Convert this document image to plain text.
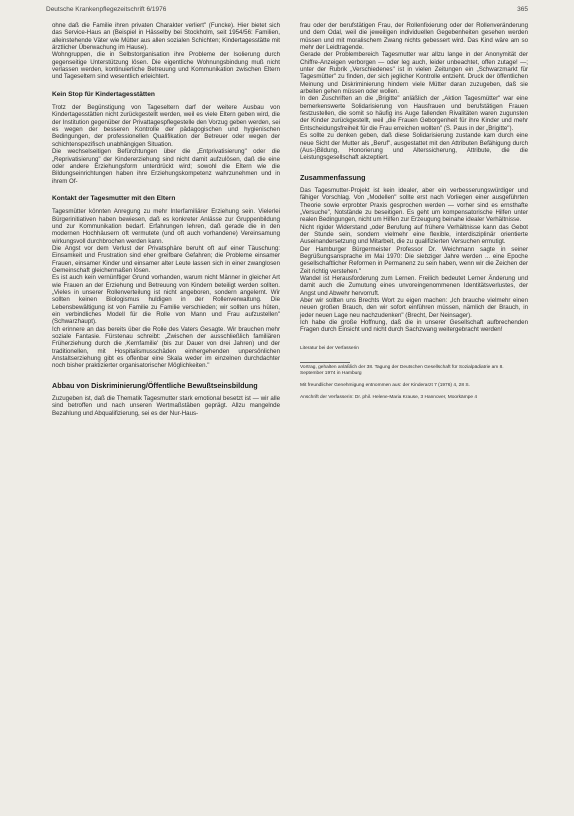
Deutsche Krankenpflegezeitschrift 6/1976	365

ohne daß die Familie ihren privaten Charakter verliert" (Funcke). Hier bietet sich das Service-Haus an (Beispiel in Hässelby bei Stockholm, seit 1954/56: Familien, alleinstehende Väter wie Mütter aus allen sozialen Schichten; Kindertagesstätte mit ärztlicher Überwachung im Hause).

Wohngruppen, die in Selbstorganisation ihre Probleme der Isolierung durch gegenseitige Unterstützung lösen. Die eigentliche Wohnungsbindung muß nicht verlassen werden, kontinuierliche Betreuung und Kommunikation zwischen Eltern und Tageseltern sind wesentlich erleichtert.

Kein Stop für Kindertagesstätten

Trotz der Begünstigung von Tageseltern darf der weitere Ausbau von Kindertagesstätten nicht zurückgestellt werden, weil es viele Eltern geben wird, die der Institution gegenüber der Privattagespflegestelle den Vorzug geben werden, sei es wegen der besseren Kontrolle der pädagogischen und hygienischen Bedingungen, der professionellen Qualifikation der Betreuer oder wegen der schichtenspezifisch unabhängigen Situation.

Die wechselseitigen Befürchtungen über die „Entprivatisierung" oder die „Reprivatisierung" der Kindererziehung sind nicht damit aufzulösen, daß die eine oder andere Erziehungsform unterdrückt wird; sowohl die Eltern wie die Bildungseinrichtungen haben ihre Erziehungskompetenz wahrzunehmen und in ihrem Of-

Kontakt der Tagesmutter mit den Eltern

Tagesmütter könnten Anregung zu mehr Interfamiliärer Erziehung sein. Vielerlei Bürgerinitiativen haben bewiesen, daß es konkreter Anlässe zur Gruppenbildung und zur Kommunikation bedarf. Erfahrungen lehren, daß gerade die in den modernen Hochhäusern oft vermutete (und oft auch vorhandene) Vereinsamung wirkungsvoll durchbrochen werden kann.

Die Angst vor dem Verlust der Privatsphäre beruht oft auf einer Täuschung: Einsamkeit und Frustration sind eher greifbare Gefahren; die Probleme einsamer Frauen, einsamer Kinder und einsamer alter Leute lassen sich in einer zwanglosen Gemeinschaft gleichermaßen lösen.

Es ist auch kein vernünftiger Grund vorhanden, warum nicht Männer in gleicher Art wie Frauen an der Erziehung und Betreuung von Kindern beteiligt werden sollten. „Vieles in unserer Rollenverteilung ist nicht angeboren, sondern angelernt. Wir sollten keinen Biologismus huldigen in der Rollenverwaltung. Die Lebensbewältigung ist von Familie zu Familie verschieden; wir sollten uns hüten, ein verbindliches Modell für die Rolle von Mann und Frau aufzustellen" (Schwarzhaupt).

Ich erinnere an das bereits über die Rolle des Vaters Gesagte. Wir brauchen mehr soziale Fantasie. Fürstenau schreibt: „Zwischen der ausschließlich familiären Früherziehung durch die ‚Kernfamilie' (bis zur Dauer von drei Jahren) und der traditionellen, mit Hospitalismusschäden einhergehenden unpersönlichen Anstaltserziehung gibt es offenbar eine Skala weder im einzelnen durchdachter noch bisher praktizierter organisatorischer Möglichkeiten."

Abbau von Diskriminierung/Öffentliche Bewußtseinsbildung

Zuzugeben ist, daß die Thematik Tagesmutter stark emotional besetzt ist — wir alle sind betroffen und nach unseren Wertmaßstäben geprägt. Allzu mangelnde Bezahlung und Abqualifizierung, sei es der Nur-Haus-

frau oder der berufstätigen Frau, der Rollenfixierung oder der Rollenveränderung und dem Odal, weil die jeweiligen individuellen Gegebenheiten gesehen werden müssen und mit moralischem Zwang nichts gebessert wird. Das Kind wäre am so mehr der Leidtragende.

Gerade der Problembereich Tagesmutter war allzu lange in der Anonymität der Chiffre-Anzeigen verborgen — oder leg auch, leider unbeachtet, offen zutage! —; unter der Rubrik „Verschiedenes" ist in vielen Zeitungen ein „Schwarzmarkt für Tagesmütter" zu finden, der sich jeglicher Kontrolle entzieht. Druck der öffentlichen Meinung und Diskriminierung hindern viele Mütter daran zuzugeben, daß sie arbeiten gehen müssen oder wollen.

In den Zuschriften an die „Brigitte" anläßlich der „Aktion Tagesmütter" war eine bemerkenswerte Solidarisierung von Hausfrauen und berufstätigen Frauen festzustellen, die somit so häufig ins Auge fallenden Rivalitäten waren zugunsten der Kinder zurückgestellt, weil „die Frauen Geborgenheit für ihre Kinder und mehr Entscheidungsfreiheit für die Frau erreichen wollten" (S. Paus in der „Brigitte").

Es sollte zu denken geben, daß diese Solidarisierung zustande kam durch eine neue Sicht der Mutter als „Beruf", ausgestattet mit den Attributen Befähigung durch (Aus-)Bildung, Honorierung und Alterssicherung, Attribute, die die Leistungsgesellschaft akzeptiert.

Zusammenfassung

Das Tagesmutter-Projekt ist kein idealer, aber ein verbesserungswürdiger und fähiger Vorschlag. Von „Modellen" sollte erst nach Vorliegen einer ausgeführten Theorie sowie erprobter Praxis gesprochen werden — vorher sind es ernsthafte „Versuche", Notstände zu beseitigen. Es geht um kompensatorische Hilfen unter realen Bedingungen, nicht um Hilfen zur Erzeugung beinahe idealer Verhältnisse.

Nicht rigider Widerstand „oder Berufung auf frühere Verhältnisse kann das Gebot der Stunde sein, sondern vielmehr eine flexible, interdisziplinär orientierte Auseinandersetzung und Mitarbeit, die zu qualifizierten Versuchen ermutigt.

Der Hamburger Bürgermeister Professor Dr. Weichmann sagte in seiner Begrüßungsansprache im Mai 1970: Die siebziger Jahre werden ... eine Epoche gesellschaftlicher Reformen in Permanenz zu sein haben, wenn wir die Zeichen der Zeit richtig verstehen."

Wandel ist Herausforderung zum Lernen. Freilich bedeutet Lerner Änderung und damit auch die Zumutung eines unvoreingenommenen Identitätsverlustes, der Angst und Abwehr hervorruft.

Aber wir sollten uns Brechts Wort zu eigen machen: „Ich brauche vielmehr einen neuen großen Brauch, den wir sofort einführen müssen, nämlich der Brauch, in jeder neuen Lage neu nachzudenken" (Brecht, Der Neinsager).

Ich habe die große Hoffnung, daß die in unserer Gesellschaft aufbrechenden Fragen durch Einsicht und nicht durch Sachzwang weitergebracht werden!

Literatur bei der Verfasserin

Vortrag, gehalten anläßlich der 38. Tagung der Deutschen Gesellschaft für Sozialpädiatrie am 8. September 1974 in Hamburg

Mit freundlicher Genehmigung entnommen aus: der Kinderarzt 7 (1976) 4, 28 S.

Anschrift der Verfasserin: Dr. phil. Helene-Maria Krause, 3 Hannover, Moorkämpe 4
